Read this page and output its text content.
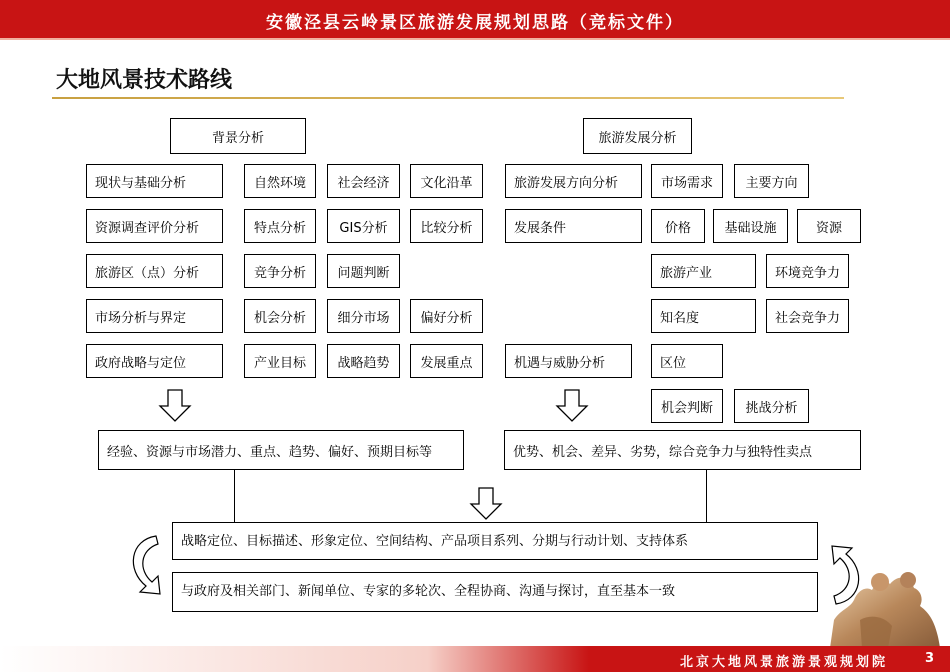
安徽泾县云岭景区旅游发展规划思路（竞标文件）
大地风景技术路线
背景分析
现状与基础分析	自然环境	社会经济	文化沿革
资源调查评价分析	特点分析	GIS分析	比较分析
旅游区（点）分析	竞争分析	问题判断
市场分析与界定	机会分析	细分市场	偏好分析
政府战略与定位	产业目标	战略趋势	发展重点
经验、资源与市场潜力、重点、趋势、偏好、预期目标等
旅游发展分析
旅游发展方向分析	市场需求	主要方向
发展条件	价格	基础设施	资源
旅游产业	环境竞争力
知名度	社会竞争力
机遇与威胁分析	区位
机会判断	挑战分析
优势、机会、差异、劣势，综合竞争力与独特性卖点
战略定位、目标描述、形象定位、空间结构、产品项目系列、分期与行动计划、支持体系
与政府及相关部门、新闻单位、专家的多轮次、全程协商、沟通与探讨，直至基本一致
北京大地风景旅游景观规划院	3
